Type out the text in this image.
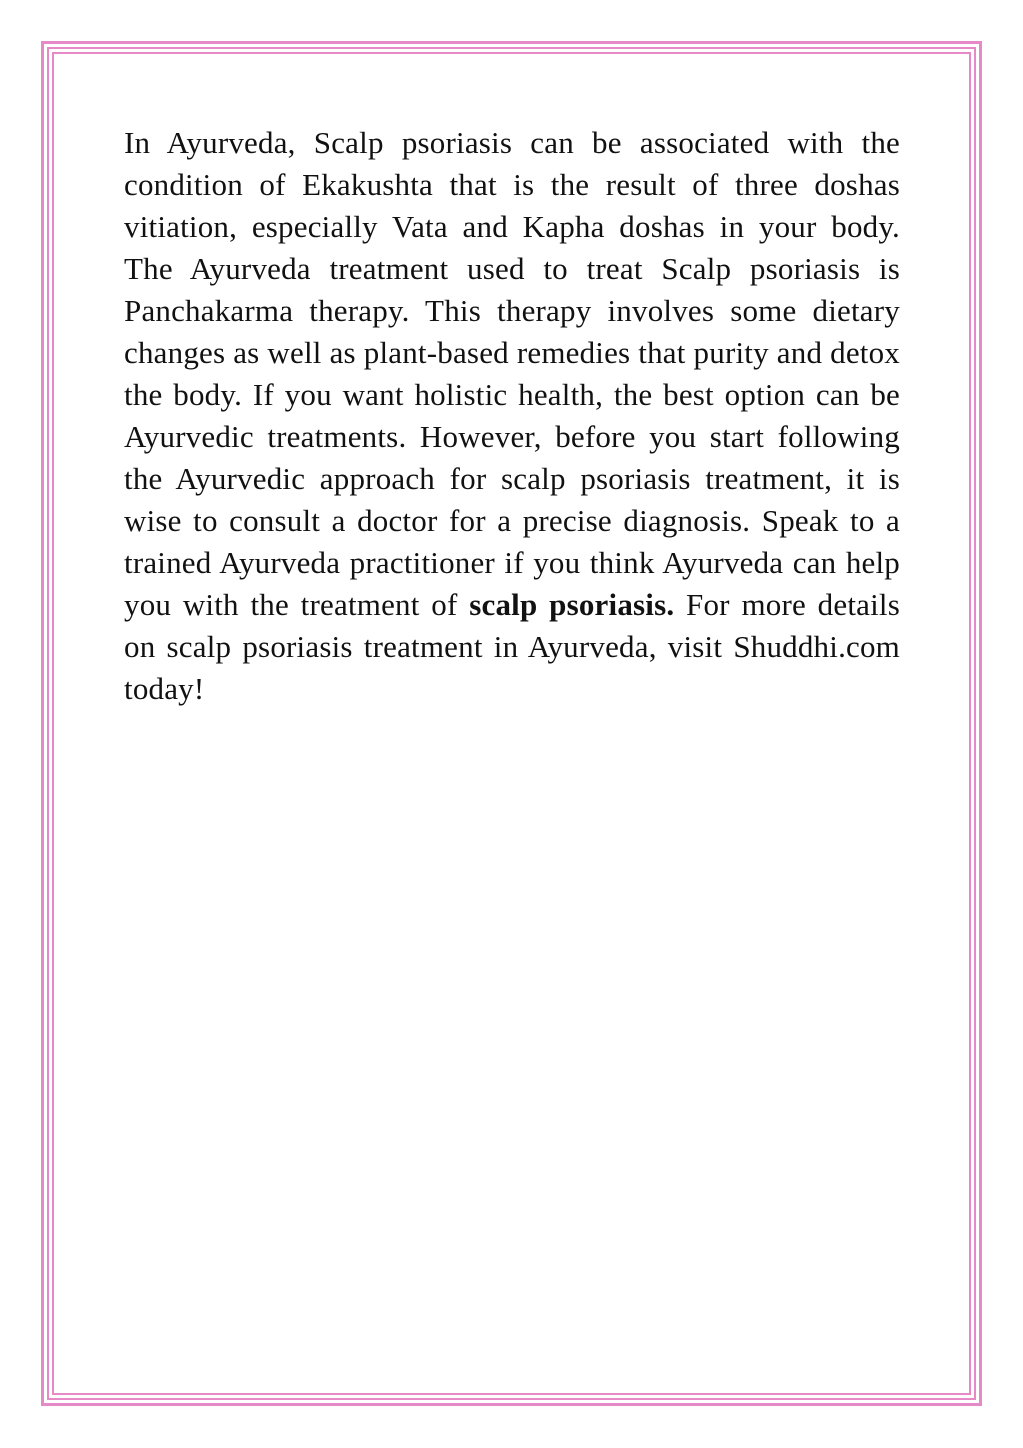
In Ayurveda, Scalp psoriasis can be associated with the condition of Ekakushta that is the result of three doshas vitiation, especially Vata and Kapha doshas in your body. The Ayurveda treatment used to treat Scalp psoriasis is Panchakarma therapy. This therapy involves some dietary changes as well as plant-based remedies that purity and detox the body. If you want holistic health, the best option can be Ayurvedic treatments. However, before you start following the Ayurvedic approach for scalp psoriasis treatment, it is wise to consult a doctor for a precise diagnosis. Speak to a trained Ayurveda practitioner if you think Ayurveda can help you with the treatment of scalp psoriasis. For more details on scalp psoriasis treatment in Ayurveda, visit Shuddhi.com today!
